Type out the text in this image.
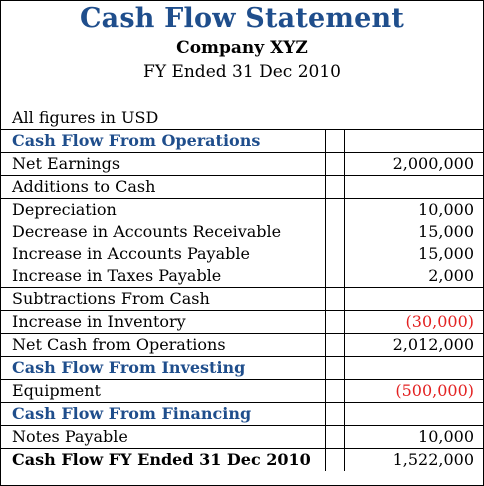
Cash Flow Statement
Company XYZ
FY Ended 31 Dec 2010
All figures in USD
Cash Flow From Operations		
Net Earnings		2,000,000
Additions to Cash		
Depreciation		10,000
Decrease in Accounts Receivable		15,000
Increase in Accounts Payable		15,000
Increase in Taxes Payable		2,000
Subtractions From Cash		
Increase in Inventory		(30,000)
Net Cash from Operations		2,012,000
Cash Flow From Investing		
Equipment		(500,000)
Cash Flow From Financing		
Notes Payable		10,000
Cash Flow FY Ended 31 Dec 2010		1,522,000
